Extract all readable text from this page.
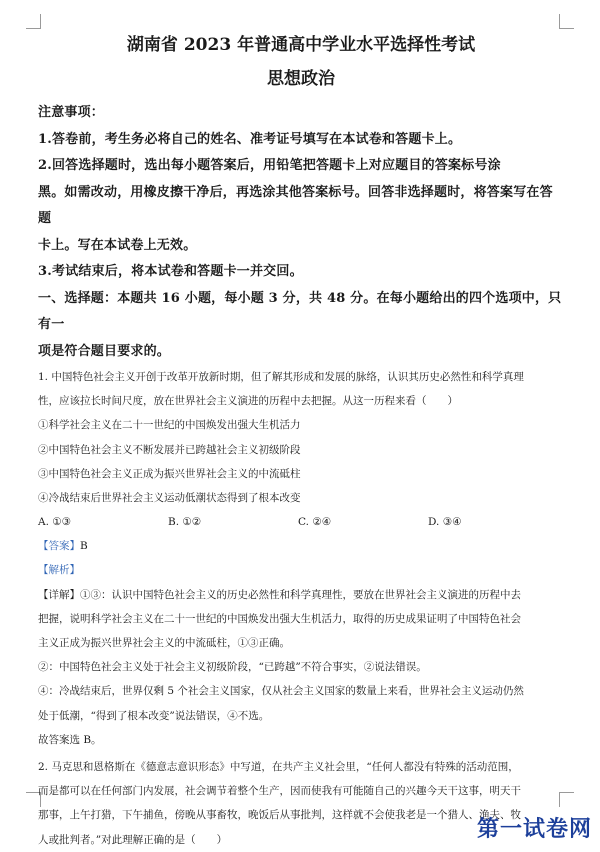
湖南省 2023 年普通高中学业水平选择性考试

思想政治

注意事项：

1.答卷前，考生务必将自己的姓名、准考证号填写在本试卷和答题卡上。

2.回答选择题时，选出每小题答案后，用铅笔把答题卡上对应题目的答案标号涂

黑。如需改动，用橡皮擦干净后，再选涂其他答案标号。回答非选择题时，将答案写在答题

卡上。写在本试卷上无效。

3.考试结束后，将本试卷和答题卡一并交回。

一、选择题：本题共 16 小题，每小题 3 分，共 48 分。在每小题给出的四个选项中，只有一

项是符合题目要求的。

1. 中国特色社会主义开创于改革开放新时期，但了解其形成和发展的脉络，认识其历史必然性和科学真理

性，应该拉长时间尺度，放在世界社会主义演进的历程中去把握。从这一历程来看（　　）

①科学社会主义在二十一世纪的中国焕发出强大生机活力

②中国特色社会主义不断发展并已跨越社会主义初级阶段

③中国特色社会主义正成为振兴世界社会主义的中流砥柱

④冷战结束后世界社会主义运动低潮状态得到了根本改变

A. ①③	B. ①②	C. ②④	D. ③④

【答案】B

【解析】

【详解】①③：认识中国特色社会主义的历史必然性和科学真理性，要放在世界社会主义演进的历程中去

把握，说明科学社会主义在二十一世纪的中国焕发出强大生机活力，取得的历史成果证明了中国特色社会

主义正成为振兴世界社会主义的中流砥柱，①③正确。

②：中国特色社会主义处于社会主义初级阶段，“已跨越”不符合事实，②说法错误。

④：冷战结束后，世界仅剩 5 个社会主义国家，仅从社会主义国家的数量上来看，世界社会主义运动仍然

处于低潮，“得到了根本改变”说法错误，④不选。

故答案选 B。

2. 马克思和恩格斯在《德意志意识形态》中写道，在共产主义社会里，“任何人都没有特殊的活动范围，

而是都可以在任何部门内发展，社会调节着整个生产，因而使我有可能随自己的兴趣今天干这事，明天干

那事，上午打猎，下午捕鱼，傍晚从事畜牧，晚饭后从事批判，这样就不会使我老是一个猎人、渔夫、牧

人或批判者。”对此理解正确的是（　　）	第一试卷网
